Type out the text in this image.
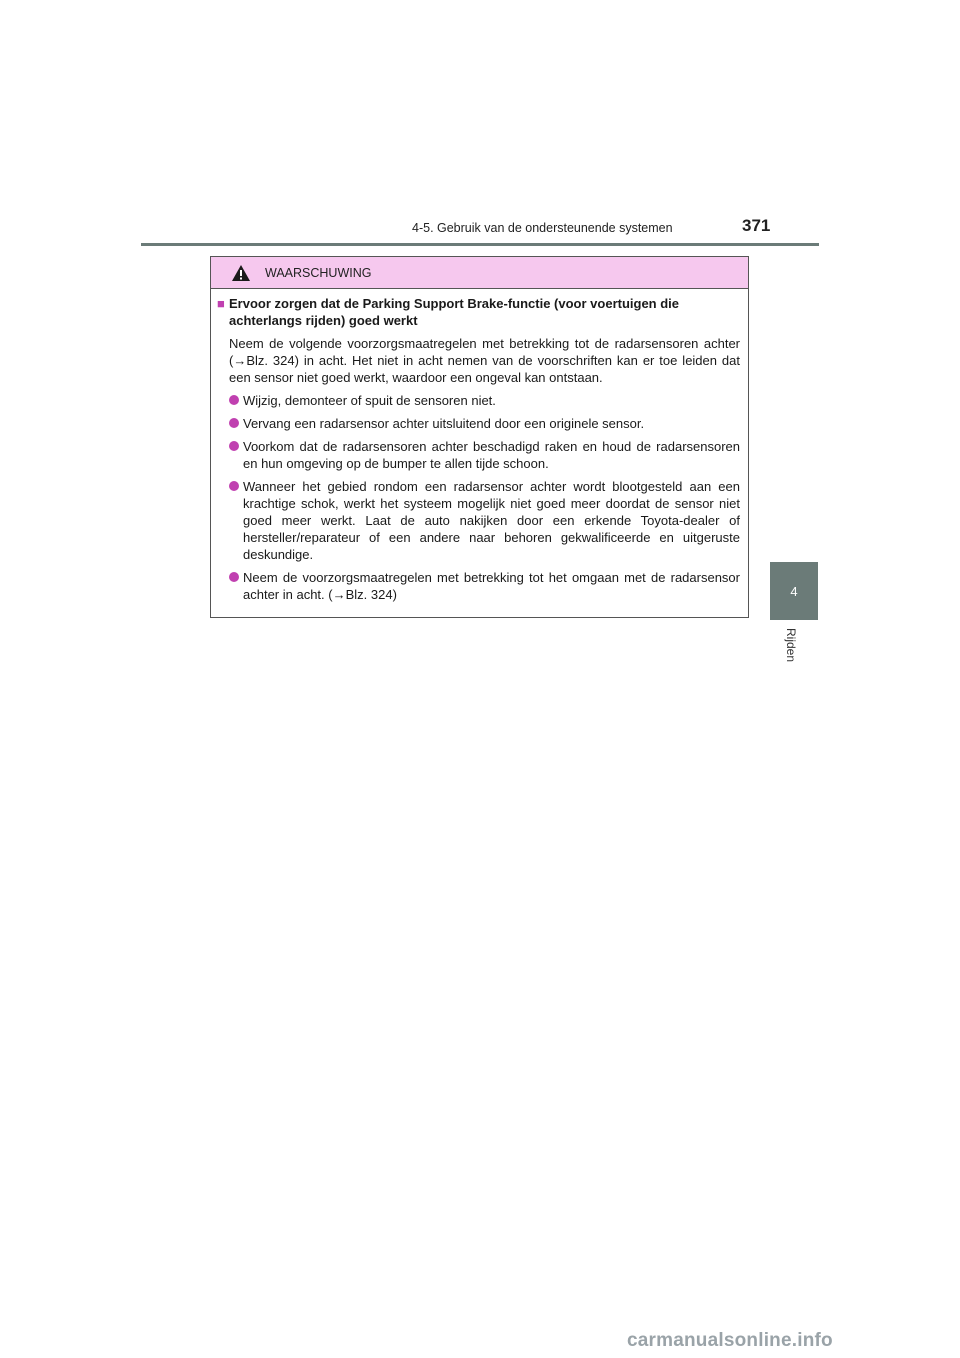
4-5. Gebruik van de ondersteunende systemen	371
4
Rijden
WAARSCHUWING
■ Ervoor zorgen dat de Parking Support Brake-functie (voor voertuigen die achterlangs rijden) goed werkt
Neem de volgende voorzorgsmaatregelen met betrekking tot de radarsensoren achter (→Blz. 324) in acht. Het niet in acht nemen van de voorschriften kan er toe leiden dat een sensor niet goed werkt, waardoor een ongeval kan ontstaan.
Wijzig, demonteer of spuit de sensoren niet.
Vervang een radarsensor achter uitsluitend door een originele sensor.
Voorkom dat de radarsensoren achter beschadigd raken en houd de radarsensoren en hun omgeving op de bumper te allen tijde schoon.
Wanneer het gebied rondom een radarsensor achter wordt blootgesteld aan een krachtige schok, werkt het systeem mogelijk niet goed meer doordat de sensor niet goed meer werkt. Laat de auto nakijken door een erkende Toyota-dealer of hersteller/reparateur of een andere naar behoren gekwalificeerde en uitgeruste deskundige.
Neem de voorzorgsmaatregelen met betrekking tot het omgaan met de radarsensor achter in acht. (→Blz. 324)
carmanualsonline.info
